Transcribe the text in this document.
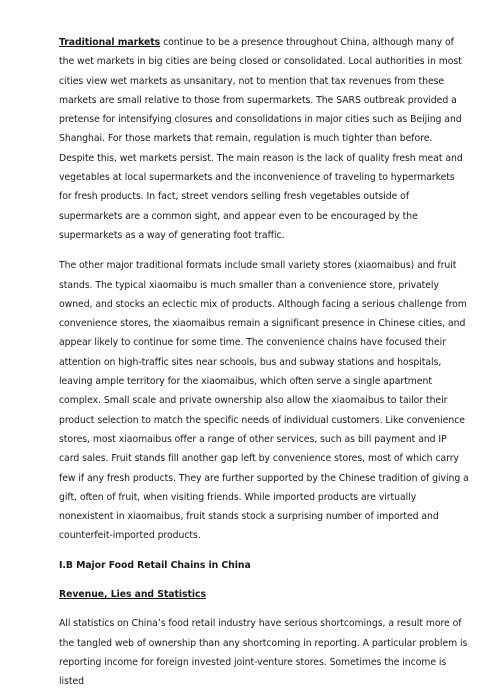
Traditional markets continue to be a presence throughout China, although many of the wet markets in big cities are being closed or consolidated. Local authorities in most cities view wet markets as unsanitary, not to mention that tax revenues from these markets are small relative to those from supermarkets. The SARS outbreak provided a pretense for intensifying closures and consolidations in major cities such as Beijing and Shanghai. For those markets that remain, regulation is much tighter than before. Despite this, wet markets persist. The main reason is the lack of quality fresh meat and vegetables at local supermarkets and the inconvenience of traveling to hypermarkets for fresh products. In fact, street vendors selling fresh vegetables outside of supermarkets are a common sight, and appear even to be encouraged by the supermarkets as a way of generating foot traffic.

The other major traditional formats include small variety stores (xiaomaibus) and fruit stands. The typical xiaomaibu is much smaller than a convenience store, privately owned, and stocks an eclectic mix of products. Although facing a serious challenge from convenience stores, the xiaomaibus remain a significant presence in Chinese cities, and appear likely to continue for some time. The convenience chains have focused their attention on high-traffic sites near schools, bus and subway stations and hospitals, leaving ample territory for the xiaomaibus, which often serve a single apartment complex. Small scale and private ownership also allow the xiaomaibus to tailor their product selection to match the specific needs of individual customers. Like convenience stores, most xiaomaibus offer a range of other services, such as bill payment and IP card sales. Fruit stands fill another gap left by convenience stores, most of which carry few if any fresh products. They are further supported by the Chinese tradition of giving a gift, often of fruit, when visiting friends. While imported products are virtually nonexistent in xiaomaibus, fruit stands stock a surprising number of imported and counterfeit-imported products.

I.B Major Food Retail Chains in China

Revenue, Lies and Statistics

All statistics on China’s food retail industry have serious shortcomings, a result more of the tangled web of ownership than any shortcoming in reporting. A particular problem is reporting income for foreign invested joint-venture stores. Sometimes the income is listed
